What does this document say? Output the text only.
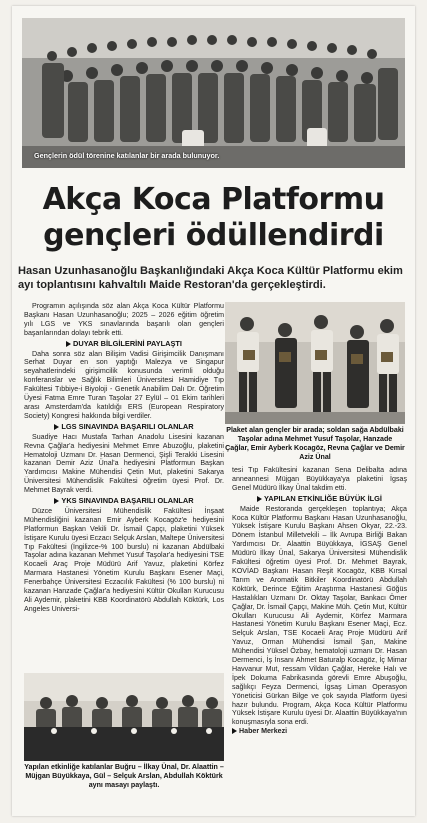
Gençlerin ödül törenine katılanlar bir arada bulunuyor.
Akça Koca Platformu
gençleri ödüllendirdi
Hasan Uzunhasanoğlu Başkanlığındaki Akça Koca Kültür Platformu ekim ayı toplantısını kahvaltılı Maide Restoran'da gerçekleştirdi.

Programın açılışında söz alan Akça Koca Kültür Platformu Başkanı Hasan Uzunhasanoğlu; 2025 – 2026 eğitim öğretim yılı LGS ve YKS sınavlarında başarılı olan gençleri başarılarından dolayı tebrik etti.

DUYAR BİLGİLERİNİ PAYLAŞTI

Daha sonra söz alan Bilişim Vadisi Girişimcilik Danışmanı Serhat Duyar en son yaptığı Malezya ve Singapur seyahatlerindeki girişimcilik konusunda verimli olduğu konferanslar ve Sağlık Bilimleri Üniversitesi Hamidiye Tıp Fakültesi Tıbbiye-i Biyoloji - Genetik Anabilim Dalı Dr. Öğretim Üyesi Fatma Emre Turan Taşolar 27 Eylül – 01 Ekim tarihleri arası Amsterdam'da katıldığı ERS (European Respiratory Society) Kongresi hakkında bilgi verdiler.

LGS SINAVINDA BAŞARILI OLANLAR

Suadiye Hacı Mustafa Tarhan Anadolu Lisesini kazanan Revna Çağlar'a hediyesini Mehmet Emre Abuzoğlu, plaketini Hematoloji Uzmanı Dr. Hasan Dermenci, Şişli Terakki Lisesini kazanan Demir Aziz Ünal'a hediyesini Platformun Başkan Yardımcısı Makine Mühendisi Çetin Mut, plaketini Sakarya Üniversitesi Mühendislik Fakültesi öğretim üyesi Prof. Dr. Mehmet Bayrak verdi.

YKS SINAVINDA BAŞARILI OLANLAR

Düzce Üniversitesi Mühendislik Fakültesi İnşaat Mühendisliğini kazanan Emir Ayberk Kocagöz'e hediyesini Platformun Başkan Vekili Dr. İsmail Çapçı, plaketini Yüksek İstişare Kurulu üyesi Eczacı Selçuk Arslan, Maltepe Üniversitesi Tıp Fakültesi (İngilizce-% 100 burslu) ni kazanan Abdülbaki Taşolar adına kazanan Mehmet Yusuf Taşolar'a hediyesini TSE Kocaeli Araç Proje Müdürü Arif Yavuz, plaketini Körfez Marmara Hastanesi Yönetim Kurulu Başkanı Esener Maçi, Fenerbahçe Üniversitesi Eczacılık Fakültesi (% 100 burslu) ni kazanan Hanzade Çağlar'a hediyesini Kültür Okulları Kurucusu Ali Aydemir, plaketini KBB Koordinatörü Abdullah Köktürk, Los Angeles Universi-

Plaket alan gençler bir arada; soldan sağa Abdülbaki Taşolar adına Mehmet Yusuf Taşolar, Hanzade Çağlar, Emir Ayberk Kocagöz, Revna Çağlar ve Demir Aziz Ünal

tesi Tıp Fakültesini kazanan Sena Delibalta adına anneannesi Müjgan Büyükkaya'ya plaketini İgsaş Genel Müdürü İlkay Ünal takdim etti.

YAPILAN ETKİNLİĞE BÜYÜK İLGİ

Maide Restoranda gerçekleşen toplantıya; Akça Koca Kültür Platformu Başkanı Hasan Uzunhasanoğlu, Yüksek İstişare Kurulu Başkanı Ahsen Okyar, 22.-23. Dönem İstanbul Milletvekili – İlk Avrupa Birliği Bakan Yardımcısı Dr. Alaattin Büyükkaya, İGSAŞ Genel Müdürü İlkay Ünal, Sakarya Üniversitesi Mühendislik Fakültesi öğretim üyesi Prof. Dr. Mehmet Bayrak, KOVİAD Başkanı Hasan Reşit Kocagöz, KBB Kırsal Tarım ve Aromatik Bitkiler Koordinatörü Abdullah Köktürk, Derince Eğitim Araştırma Hastanesi Göğüs Hastalıkları Uzmanı Dr. Oktay Taşolar, Bankacı Ömer Çağlar, Dr. İsmail Çapçı, Makine Müh. Çetin Mut, Kültür Okulları Kurucusu Ali Aydemir, Körfez Marmara Hastanesi Yönetim Kurulu Başkanı Esener Maçi, Ecz. Selçuk Arslan, TSE Kocaeli Araç Proje Müdürü Arif Yavuz, Orman Mühendisi İsmail Şan, Makine Mühendisi Yüksel Özbay, hematoloji uzmanı Dr. Hasan Dermenci, İş İnsanı Ahmet Baturalp Kocagöz, İç Mimar Havvanur Mut, ressam Vildan Çağlar, Hereke Halı ve İpek Dokuma Fabrikasında görevli Emre Abuşoğlu, sağlıkçı Feyza Dermenci, İgsaş Liman Operasyon Yöneticisi Gürkan Bilge ve çok sayıda Platform üyesi hazır bulundu. Program, Akça Koca Kültür Platformu Yüksek İstişare Kurulu üyesi Dr. Alaattin Büyükkaya'nın konuşmasıyla sona erdi.

Haber Merkezi
Yapılan etkinliğe katılanlar Buğru – İlkay Ünal, Dr. Alaattin – Müjgan Büyükkaya, Gül – Selçuk Arslan, Abdullah Köktürk aynı masayı paylaştı.
